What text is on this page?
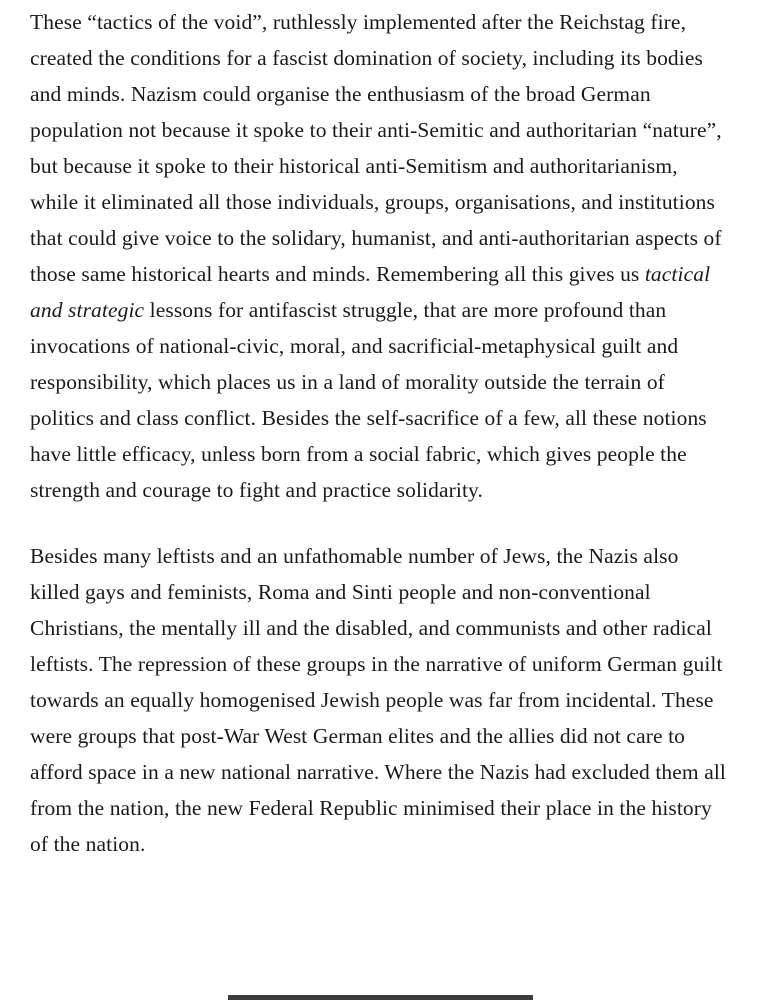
These “tactics of the void”, ruthlessly implemented after the Reichstag fire, created the conditions for a fascist domination of society, including its bodies and minds. Nazism could organise the enthusiasm of the broad German population not because it spoke to their anti-Semitic and authoritarian “nature”, but because it spoke to their historical anti-Semitism and authoritarianism, while it eliminated all those individuals, groups, organisations, and institutions that could give voice to the solidary, humanist, and anti-authoritarian aspects of those same historical hearts and minds. Remembering all this gives us tactical and strategic lessons for antifascist struggle, that are more profound than invocations of national-civic, moral, and sacrificial-metaphysical guilt and responsibility, which places us in a land of morality outside the terrain of politics and class conflict. Besides the self-sacrifice of a few, all these notions have little efficacy, unless born from a social fabric, which gives people the strength and courage to fight and practice solidarity.

Besides many leftists and an unfathomable number of Jews, the Nazis also killed gays and feminists, Roma and Sinti people and non-conventional Christians, the mentally ill and the disabled, and communists and other radical leftists. The repression of these groups in the narrative of uniform German guilt towards an equally homogenised Jewish people was far from incidental. These were groups that post-War West German elites and the allies did not care to afford space in a new national narrative. Where the Nazis had excluded them all from the nation, the new Federal Republic minimised their place in the history of the nation.
